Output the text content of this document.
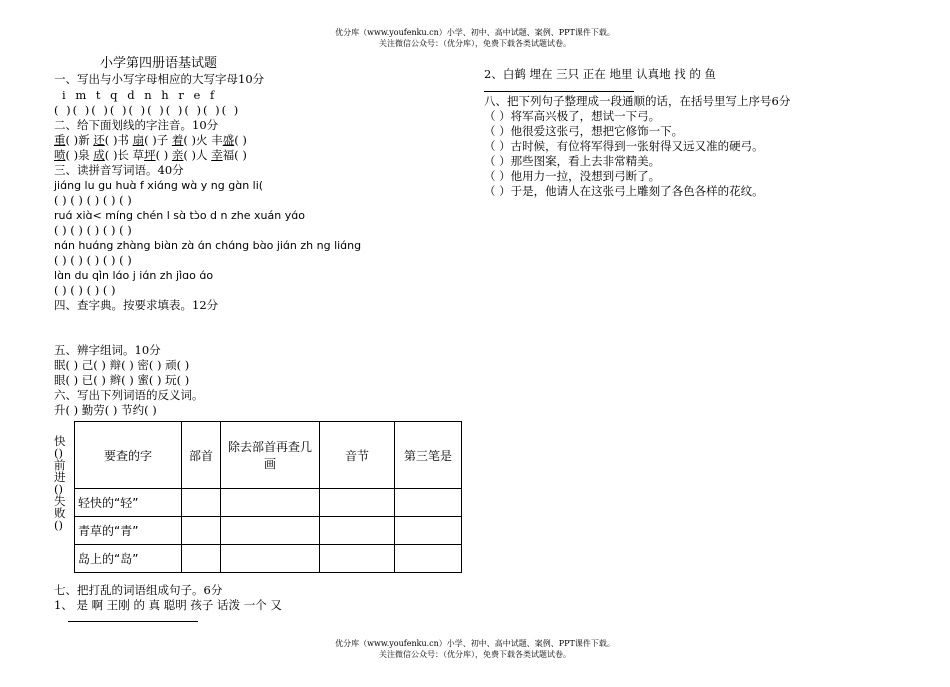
优分库（www.youfenku.cn）小学、初中、高中试题、案例、PPT课件下载。
关注微信公众号：（优分库），免费下载各类试题试卷。
小学第四册语基试题
一、写出与小写字母相应的大写字母10分
i m t q d n h r e f
( )( )( )( )( )( )( )( )( )( )
二、给下面划线的字注音。10分
重( )新 还( )书 扇( )子 着( )火 丰盛( )
喷( )泉 成( )长 草坪( ) 亲( )人 幸福( )
三、读拼音写词语。40分
jiɑ́ng lu gu huɑ̀ f xiɑ́ng wɑ̀ y ng gɑ̀n li(
( ) ( ) ( ) ( ) ( )
ruɑ́ xiɑ̀< míng chén l sɑ̀ tɔ̀o d n zhe xuán yɑ́o
( ) ( ) ( ) ( ) ( )
nɑ́n huɑ́ng zhɑ̀ng biɑ̀n zɑ̀ ɑ́n chɑ́ng bɑ̀o jiɑ́n zh ng liɑ́ng
( ) ( ) ( ) ( ) ( )
lɑ̀n du qi̇̀n lɑ́o j iɑ́n zh ji̇̀ɑo ɑ́o
( ) ( ) ( ) ( )
四、查字典。按要求填表。12分
五、辨字组词。10分
眠( ) 己( ) 辩( ) 密( ) 顽( )
眼( ) 已( ) 辫( ) 蜜( ) 玩( )
六、写出下列词语的反义词。
升( ) 勤劳( ) 节约( )
快()前进()失败()
要查的字	部首	除去部首再查几画	音节	第三笔是
轻快的“轻”				
青草的“青”				
岛上的“岛”				
七、把打乱的词语组成句子。6分
1、 是 啊 王刚 的 真 聪明 孩子 话泼 一个 又
2、白鹤 埋在 三只 正在 地里 认真地 找 的 鱼
八、把下列句子整理成一段通顺的话，在括号里写上序号6分
（ ）将军高兴极了，想试一下弓。
（ ）他很爱这张弓，想把它修饰一下。
（ ）古时候，有位将军得到一张射得又远又准的硬弓。
（ ）那些图案，看上去非常精美。
（ ）他用力一拉，没想到弓断了。
（ ）于是，他请人在这张弓上雕刻了各色各样的花纹。
优分库（www.youfenku.cn）小学、初中、高中试题、案例、PPT课件下载。
关注微信公众号：（优分库），免费下载各类试题试卷。
